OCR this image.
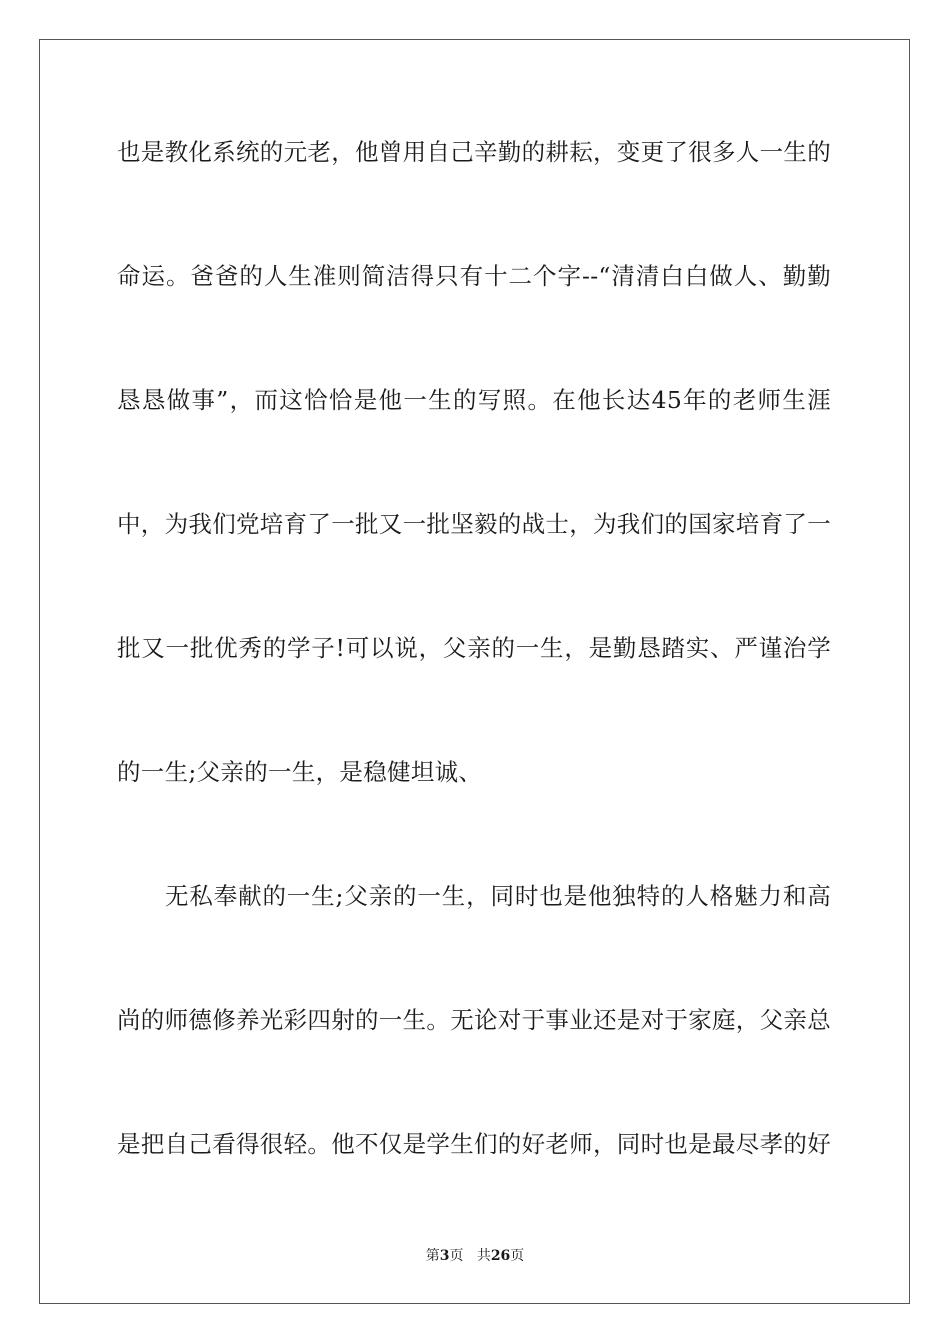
也是教化系统的元老，他曾用自己辛勤的耕耘，变更了很多人一生的
命运。爸爸的人生准则简洁得只有十二个字--“清清白白做人、勤勤
恳恳做事”，而这恰恰是他一生的写照。在他长达45年的老师生涯
中，为我们党培育了一批又一批坚毅的战士，为我们的国家培育了一
批又一批优秀的学子!可以说，父亲的一生，是勤恳踏实、严谨治学
的一生;父亲的一生，是稳健坦诚、
无私奉献的一生;父亲的一生，同时也是他独特的人格魅力和高
尚的师德修养光彩四射的一生。无论对于事业还是对于家庭，父亲总
是把自己看得很轻。他不仅是学生们的好老师，同时也是最尽孝的好
第3页 共26页
